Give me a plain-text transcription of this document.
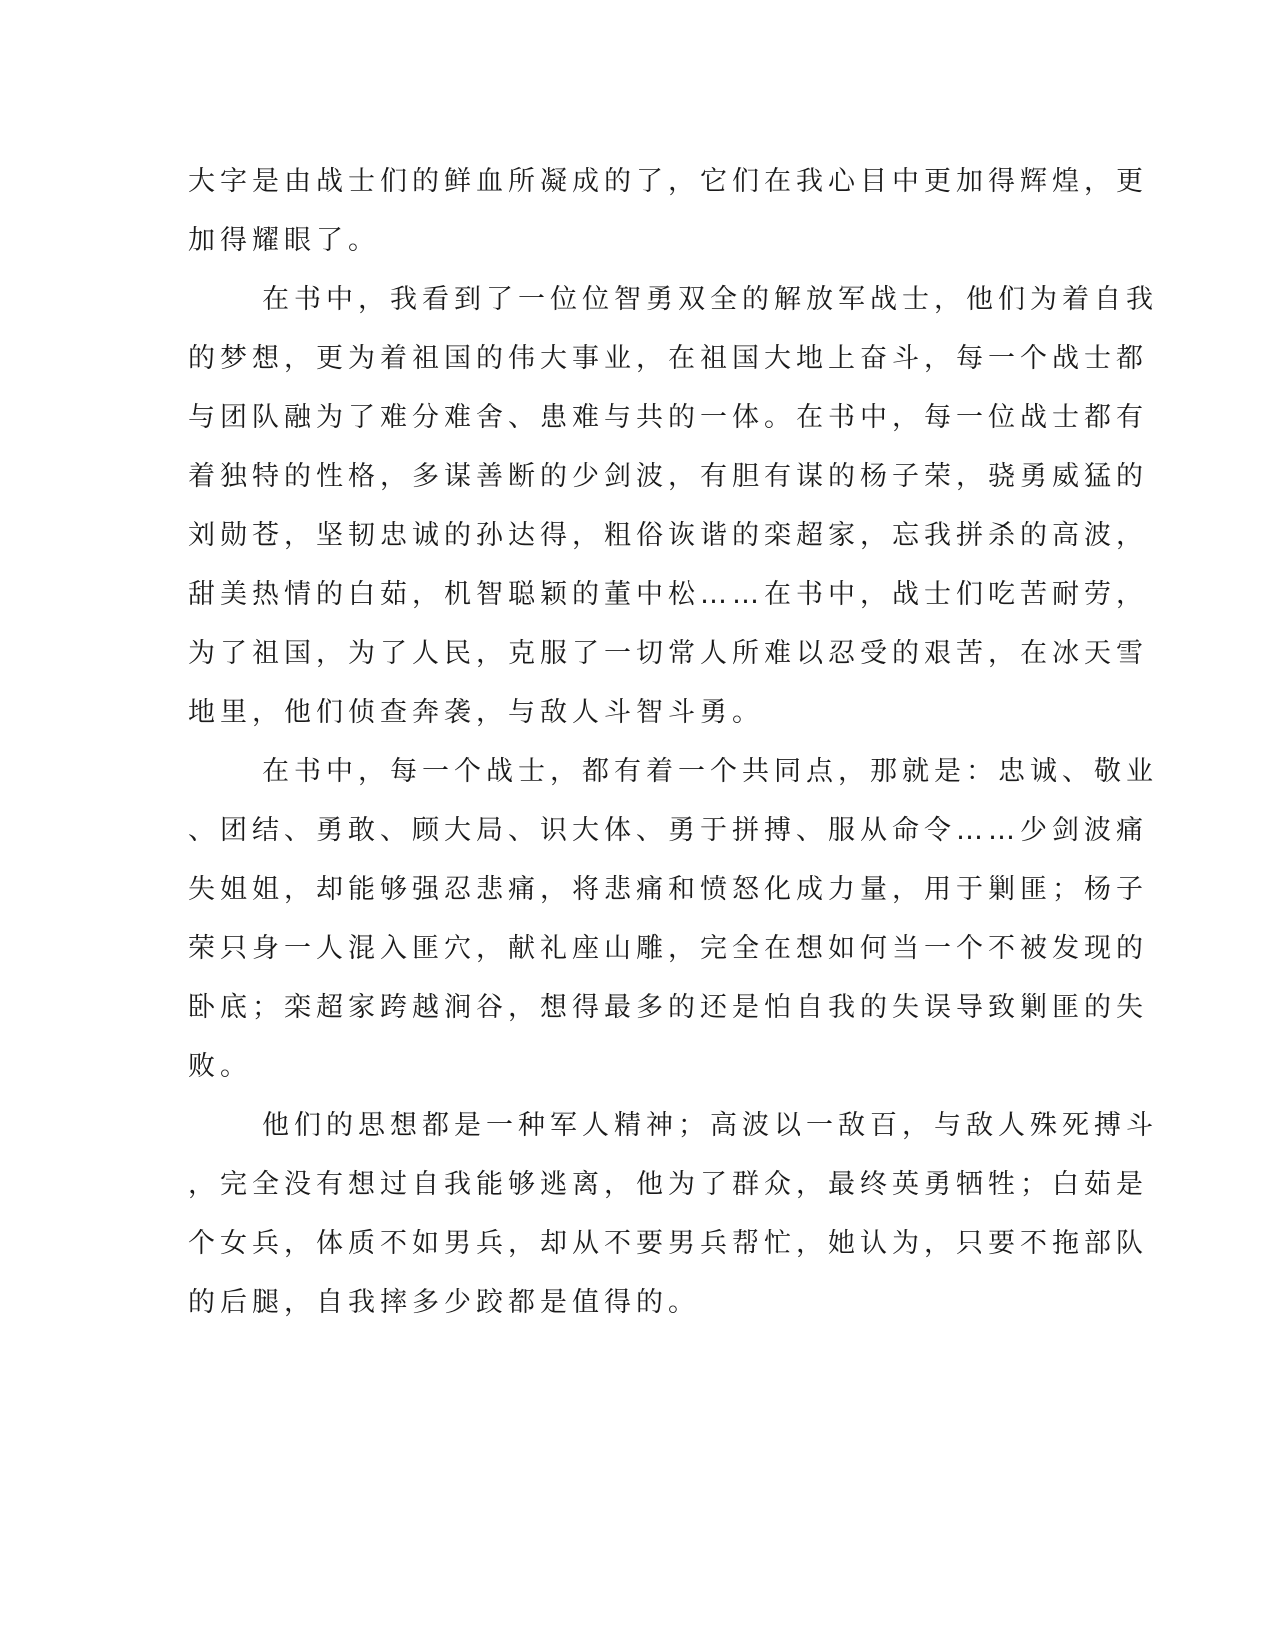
大字是由战士们的鲜血所凝成的了，它们在我心目中更加得辉煌，更
加得耀眼了。
在书中，我看到了一位位智勇双全的解放军战士，他们为着自我
的梦想，更为着祖国的伟大事业，在祖国大地上奋斗，每一个战士都
与团队融为了难分难舍、患难与共的一体。在书中，每一位战士都有
着独特的性格，多谋善断的少剑波，有胆有谋的杨子荣，骁勇威猛的
刘勋苍，坚韧忠诚的孙达得，粗俗诙谐的栾超家，忘我拼杀的高波，
甜美热情的白茹，机智聪颖的董中松……在书中，战士们吃苦耐劳，
为了祖国，为了人民，克服了一切常人所难以忍受的艰苦，在冰天雪
地里，他们侦查奔袭，与敌人斗智斗勇。
在书中，每一个战士，都有着一个共同点，那就是：忠诚、敬业
、团结、勇敢、顾大局、识大体、勇于拼搏、服从命令……少剑波痛
失姐姐，却能够强忍悲痛，将悲痛和愤怒化成力量，用于剿匪；杨子
荣只身一人混入匪穴，献礼座山雕，完全在想如何当一个不被发现的
卧底；栾超家跨越涧谷，想得最多的还是怕自我的失误导致剿匪的失
败。
他们的思想都是一种军人精神；高波以一敌百，与敌人殊死搏斗
，完全没有想过自我能够逃离，他为了群众，最终英勇牺牲；白茹是
个女兵，体质不如男兵，却从不要男兵帮忙，她认为，只要不拖部队
的后腿，自我摔多少跤都是值得的。
